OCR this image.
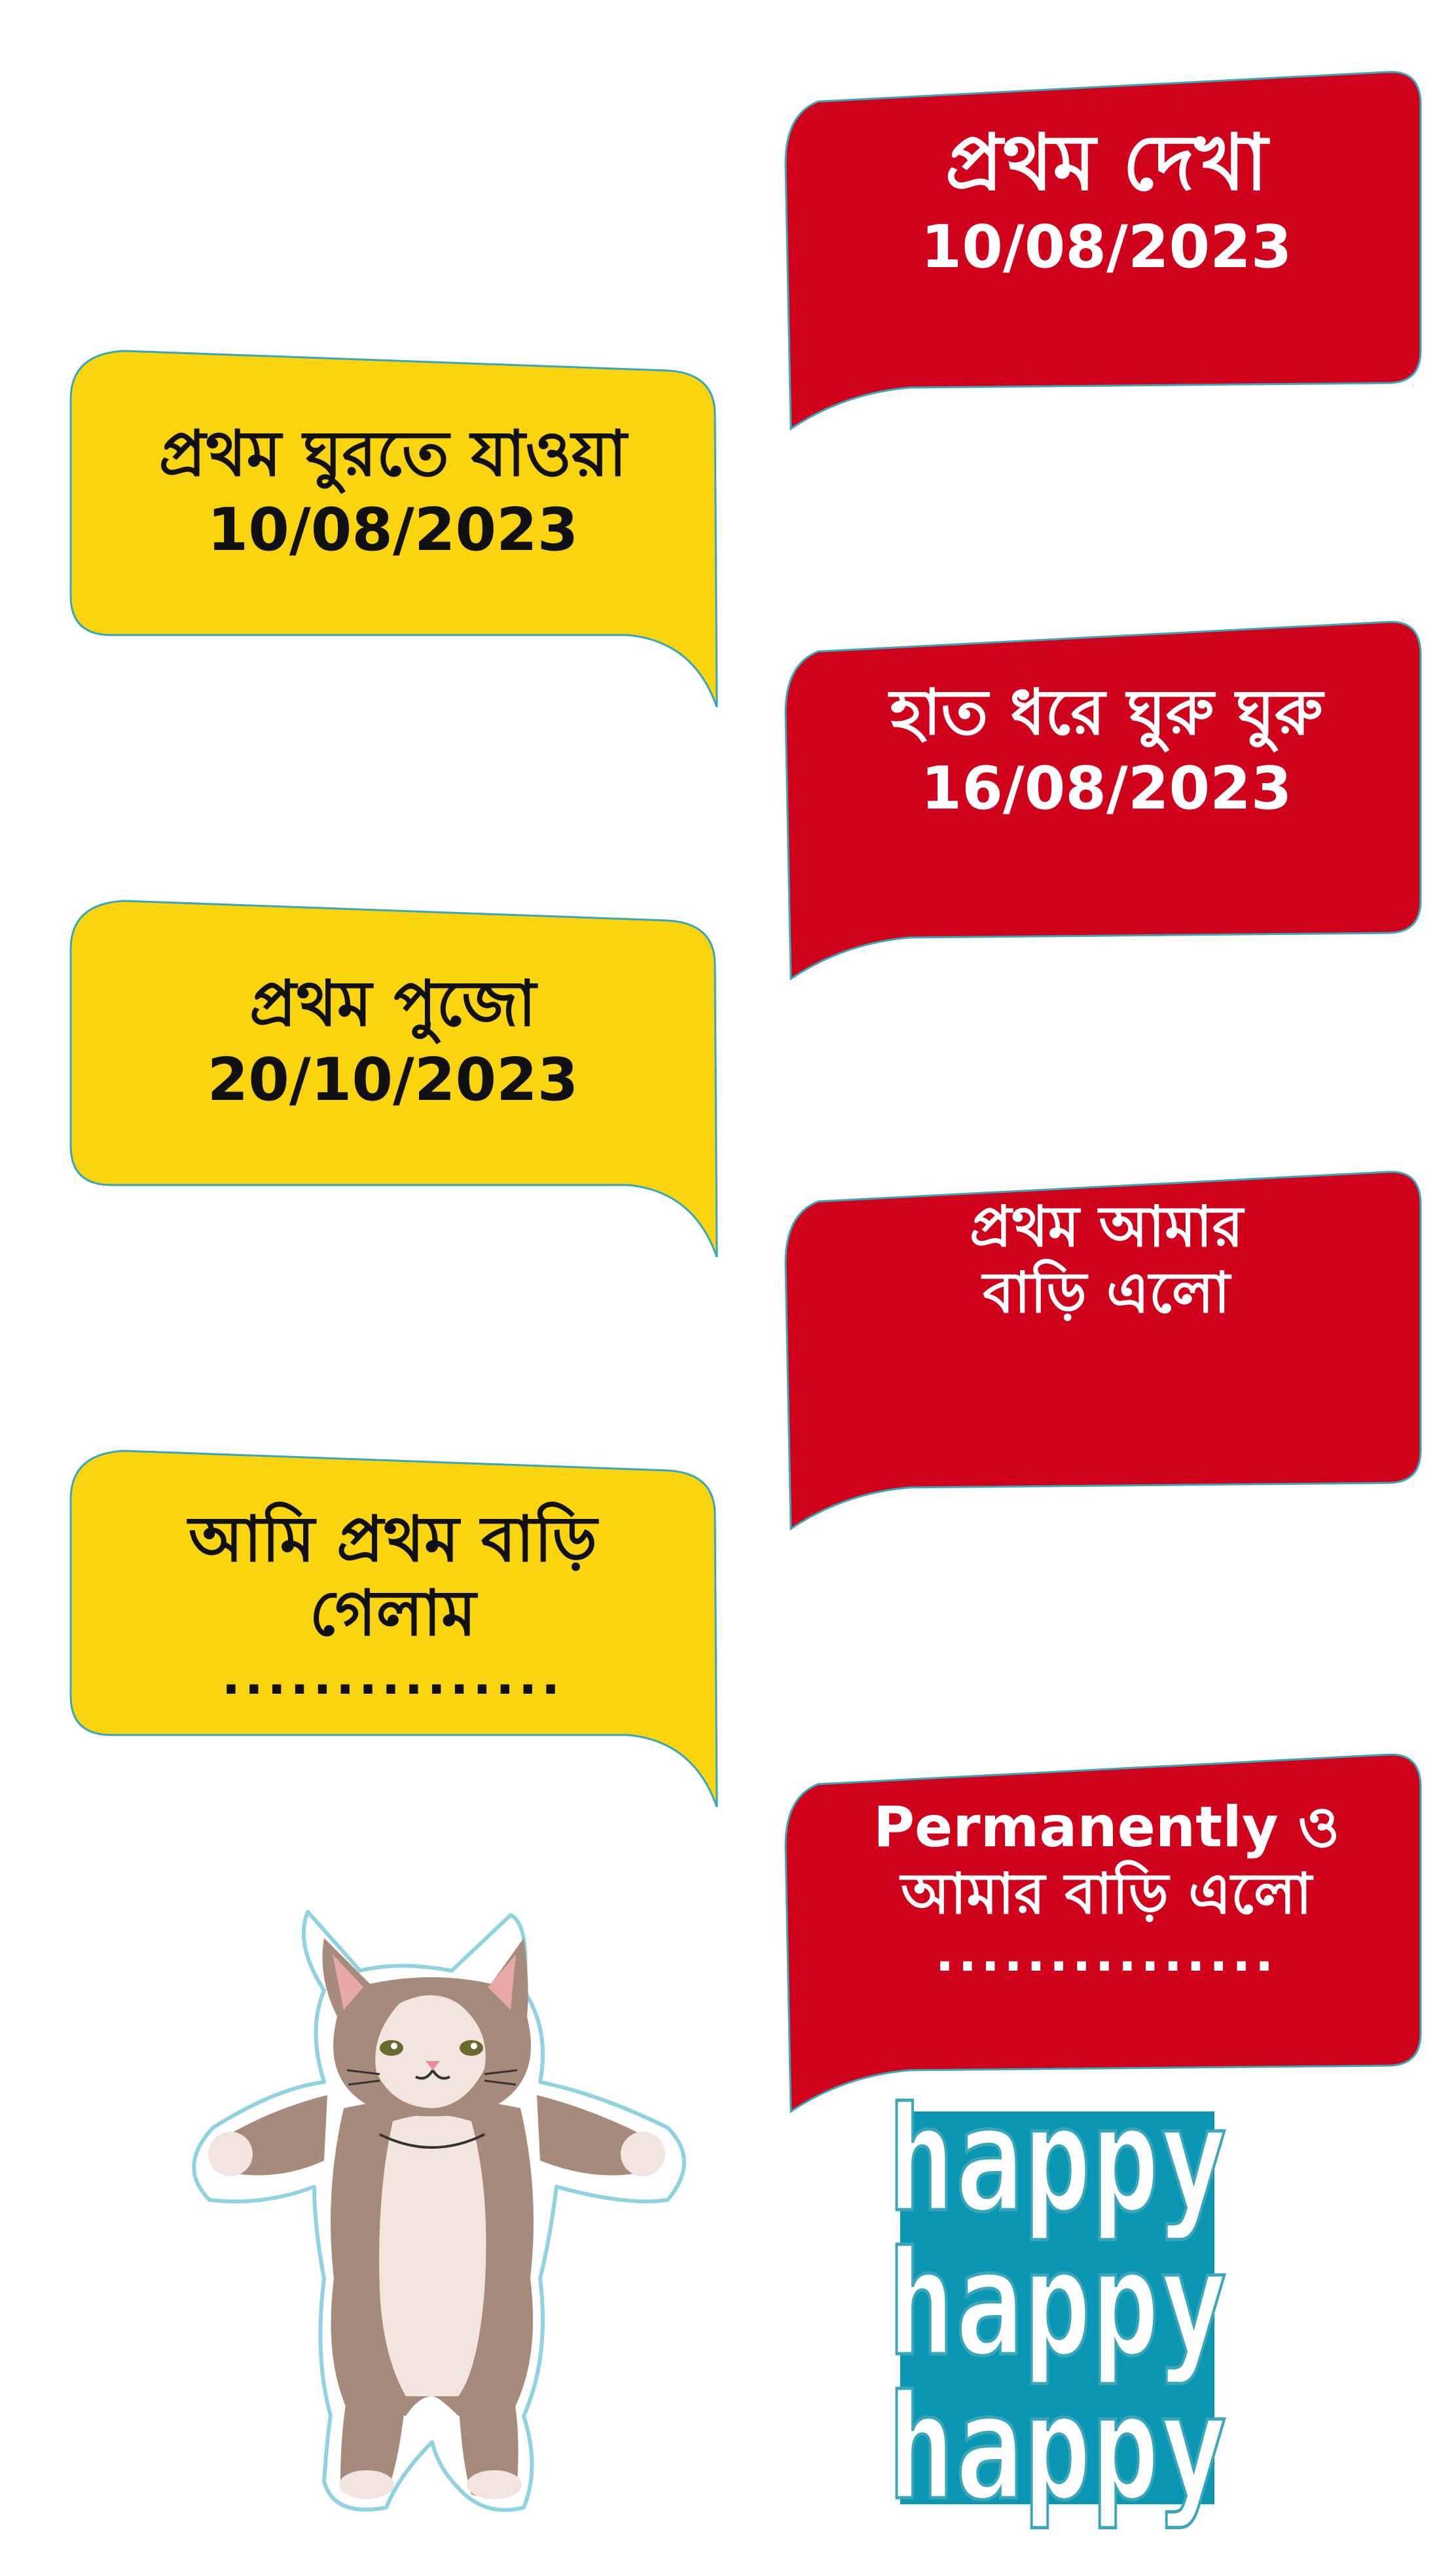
প্রথম দেখা
10/08/2023
প্রথম ঘুরতে যাওয়া
10/08/2023
হাত ধরে ঘুরু ঘুরু
16/08/2023
প্রথম পুজো
20/10/2023
প্রথম আমার
বাড়ি এলো
আমি প্রথম বাড়ি
গেলাম
...............
Permanently ও
আমার বাড়ি এলো
...............
happy
happy
happy
